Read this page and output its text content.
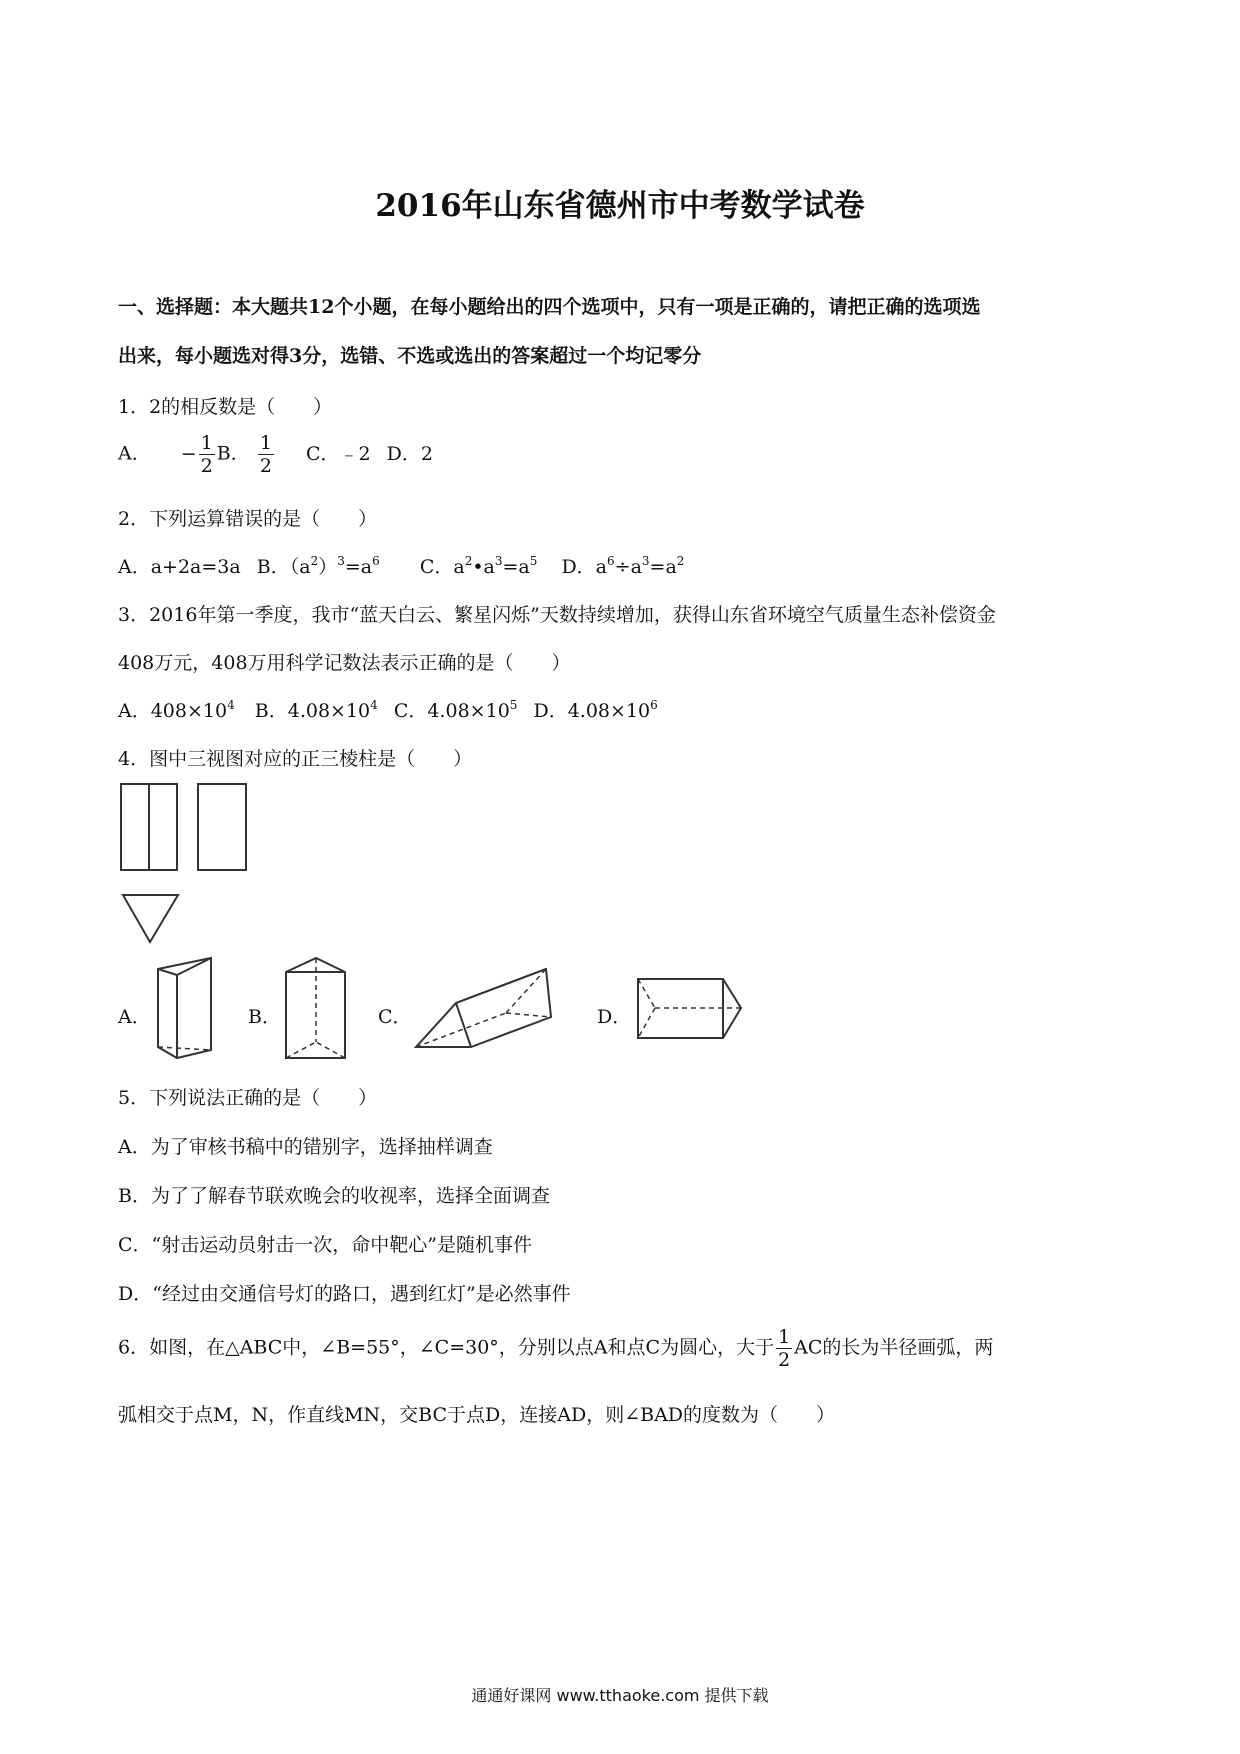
2016年山东省德州市中考数学试卷
一、选择题：本大题共12个小题，在每小题给出的四个选项中，只有一项是正确的，请把正确的选项选
出来，每小题选对得3分，选错、不选或选出的答案超过一个均记零分
1．2的相反数是（　　）
A． − $\frac{1}{2}$ B． $\frac{1}{2}$ C．﹣2 D．2
2．下列运算错误的是（　　）
A．a+2a=3a B．$(a^2)^3=a^6$ C．$a^2•a^3=a^5$ D．$a^6\div a^3=a^2$
3．2016年第一季度，我市“蓝天白云、繁星闪烁”天数持续增加，获得山东省环境空气质量生态补偿资金
408万元，408万用科学记数法表示正确的是（　　）
A．$408\times 10^4$ B．$4.08\times 10^4$ C．$4.08\times 10^5$ D．$4.08\times 10^6$
4．图中三视图对应的正三棱柱是（　　）
A．	B．	C．	D．
5．下列说法正确的是（　　）
A．为了审核书稿中的错别字，选择抽样调查
B．为了了解春节联欢晚会的收视率，选择全面调查
C．“射击运动员射击一次，命中靶心”是随机事件
D．“经过由交通信号灯的路口，遇到红灯”是必然事件
6．如图，在△ABC中，∠B=55°，∠C=30°，分别以点A和点C为圆心，大于 $\frac{1}{2}$ AC的长为半径画弧，两
弧相交于点M，N，作直线MN，交BC于点D，连接AD，则∠BAD的度数为（　　）
通通好课网 www.tthaoke.com 提供下载
